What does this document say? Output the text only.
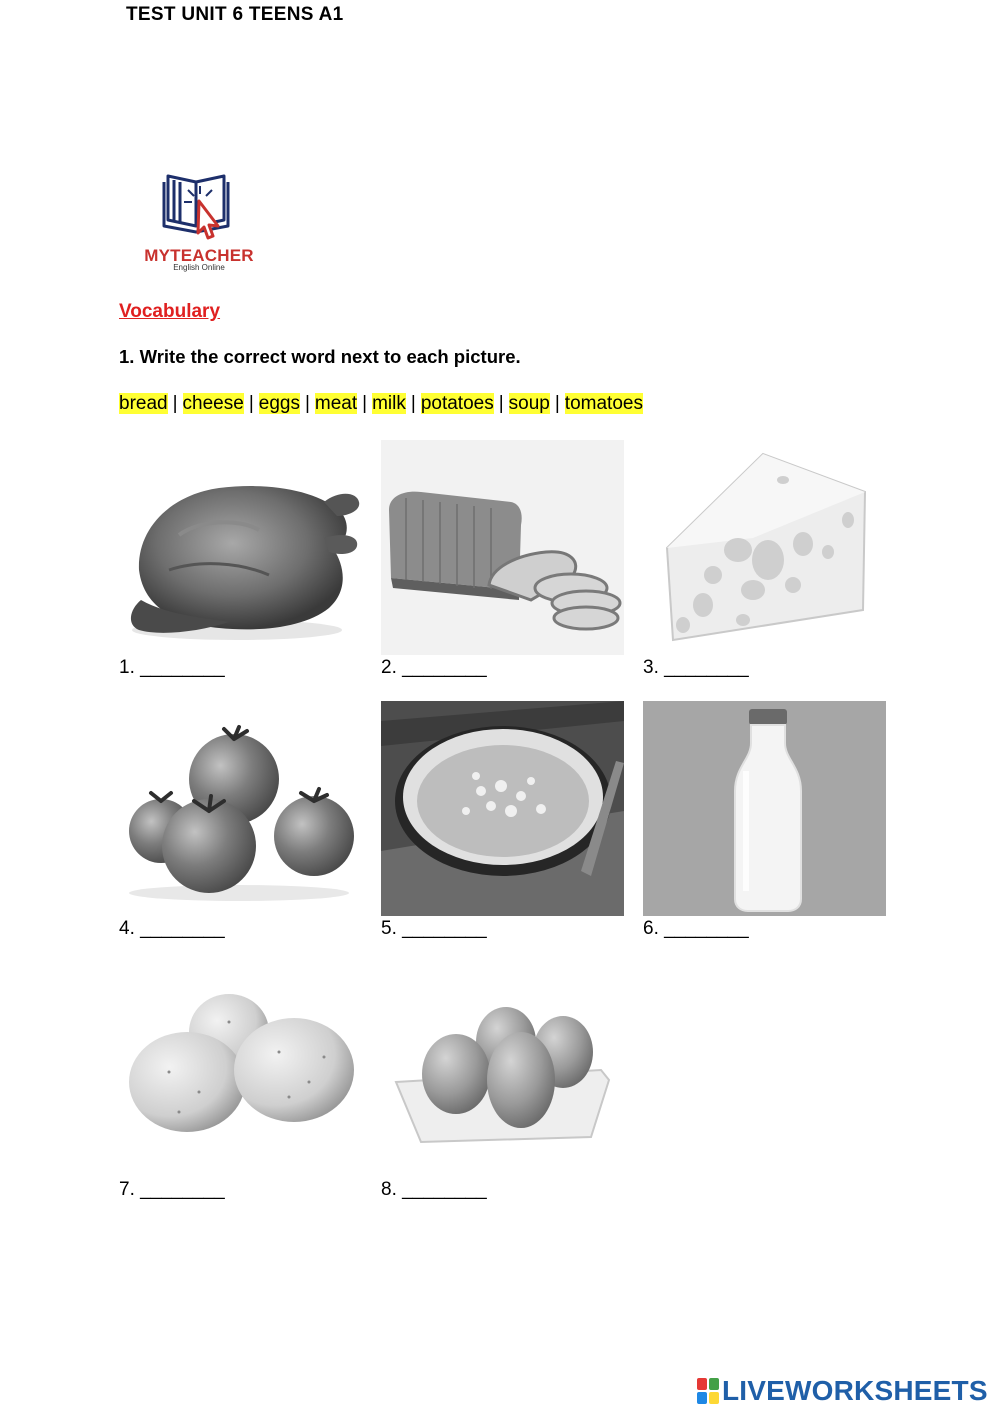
TEST UNIT 6 TEENS A1
MYTEACHER
English Online
Vocabulary
1. Write the correct word next to each picture.
bread | cheese | eggs | meat | milk | potatoes | soup | tomatoes
1. ________	2. ________	3. ________
4. ________	5. ________	6. ________
7. ________	8. ________
LIVEWORKSHEETS
